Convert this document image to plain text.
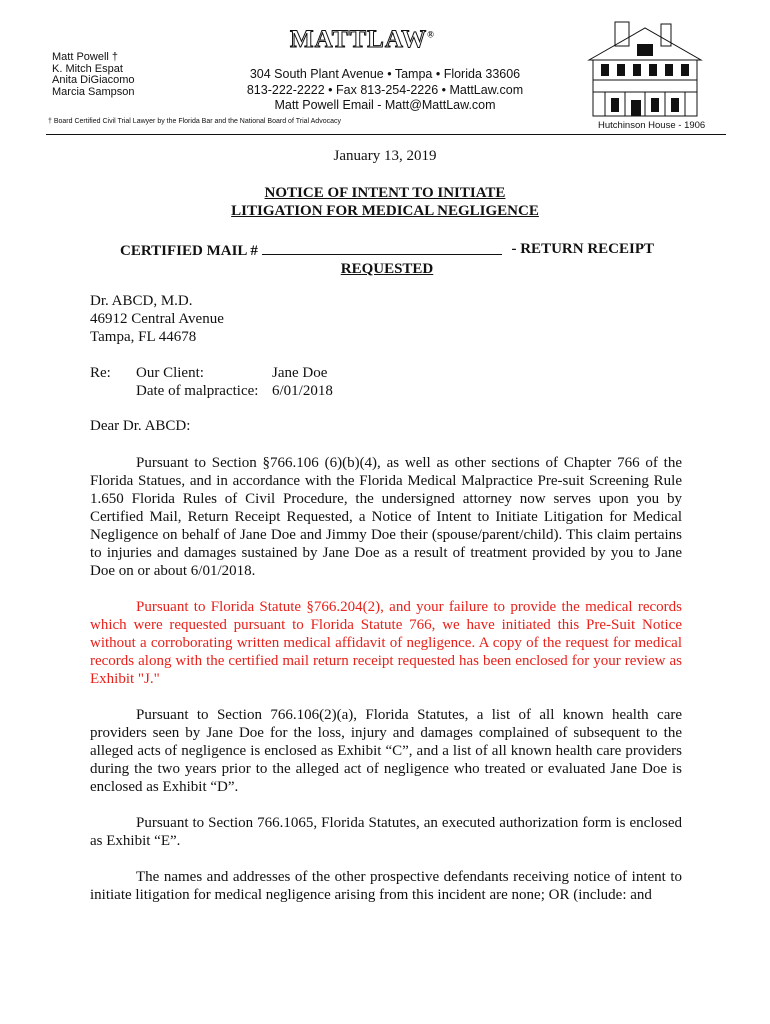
Matt Powell †
K. Mitch Espat
Anita DiGiacomo
Marcia Sampson
MATTLAW®
304 South Plant Avenue • Tampa • Florida 33606
813-222-2222 • Fax 813-254-2226 • MattLaw.com
Matt Powell Email - Matt@MattLaw.com
Hutchinson House - 1906
† Board Certified Civil Trial Lawyer by the Florida Bar and the National Board of Trial Advocacy
January 13, 2019
NOTICE OF INTENT TO INITIATE
LITIGATION FOR MEDICAL NEGLIGENCE
CERTIFIED MAIL #	- RETURN RECEIPT
REQUESTED
Dr. ABCD, M.D.
46912 Central Avenue
Tampa, FL 44678
Re:	Our Client:	Jane Doe
	Date of malpractice:	6/01/2018
Dear Dr. ABCD:

Pursuant to Section §766.106 (6)(b)(4), as well as other sections of Chapter 766 of the Florida Statues, and in accordance with the Florida Medical Malpractice Pre-suit Screening Rule 1.650 Florida Rules of Civil Procedure, the undersigned attorney now serves upon you by Certified Mail, Return Receipt Requested, a Notice of Intent to Initiate Litigation for Medical Negligence on behalf of Jane Doe and Jimmy Doe their (spouse/parent/child). This claim pertains to injuries and damages sustained by Jane Doe as a result of treatment provided by you to Jane Doe on or about 6/01/2018.

Pursuant to Florida Statute §766.204(2), and your failure to provide the medical records which were requested pursuant to Florida Statute 766, we have initiated this Pre-Suit Notice without a corroborating written medical affidavit of negligence. A copy of the request for medical records along with the certified mail return receipt requested has been enclosed for your review as Exhibit "J."

Pursuant to Section 766.106(2)(a), Florida Statutes, a list of all known health care providers seen by Jane Doe for the loss, injury and damages complained of subsequent to the alleged acts of negligence is enclosed as Exhibit “C”, and a list of all known health care providers during the two years prior to the alleged act of negligence who treated or evaluated Jane Doe is enclosed as Exhibit “D”.

Pursuant to Section 766.1065, Florida Statutes, an executed authorization form is enclosed as Exhibit “E”.

The names and addresses of the other prospective defendants receiving notice of intent to initiate litigation for medical negligence arising from this incident are none; OR (include: and
